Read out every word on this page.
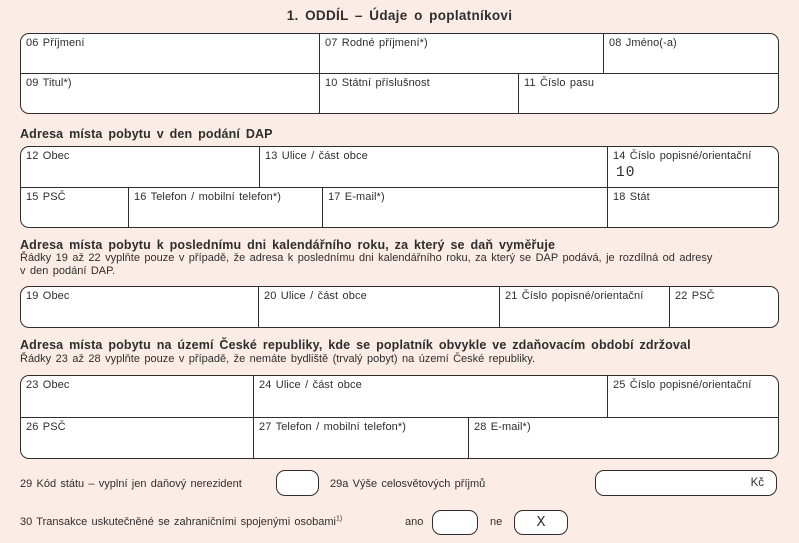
1. ODDÍL – Údaje o poplatníkovi
06 Příjmení	07 Rodné příjmení*)	08 Jméno(-a)
09 Titul*)	10 Státní příslušnost	11 Číslo pasu
Adresa místa pobytu v den podání DAP
12 Obec	13 Ulice / část obce	14 Číslo popisné/orientační
10
15 PSČ	16 Telefon / mobilní telefon*)	17 E-mail*)	18 Stát
Adresa místa pobytu k poslednímu dni kalendářního roku, za který se daň vyměřuje
Řádky 19 až 22 vyplňte pouze v případě, že adresa k poslednímu dni kalendářního roku, za který se DAP podává, je rozdílná od adresy
v den podání DAP.
19 Obec	20 Ulice / část obce	21 Číslo popisné/orientační	22 PSČ
Adresa místa pobytu na území České republiky, kde se poplatník obvykle ve zdaňovacím období zdržoval
Řádky 23 až 28 vyplňte pouze v případě, že nemáte bydliště (trvalý pobyt) na území České republiky.
23 Obec	24 Ulice / část obce	25 Číslo popisné/orientační
26 PSČ	27 Telefon / mobilní telefon*)	28 E-mail*)
29 Kód státu – vyplní jen daňový nerezident	29a Výše celosvětových příjmů	Kč
30 Transakce uskutečněné se zahraničními spojenými osobami$^{1)}$	ano	ne X
